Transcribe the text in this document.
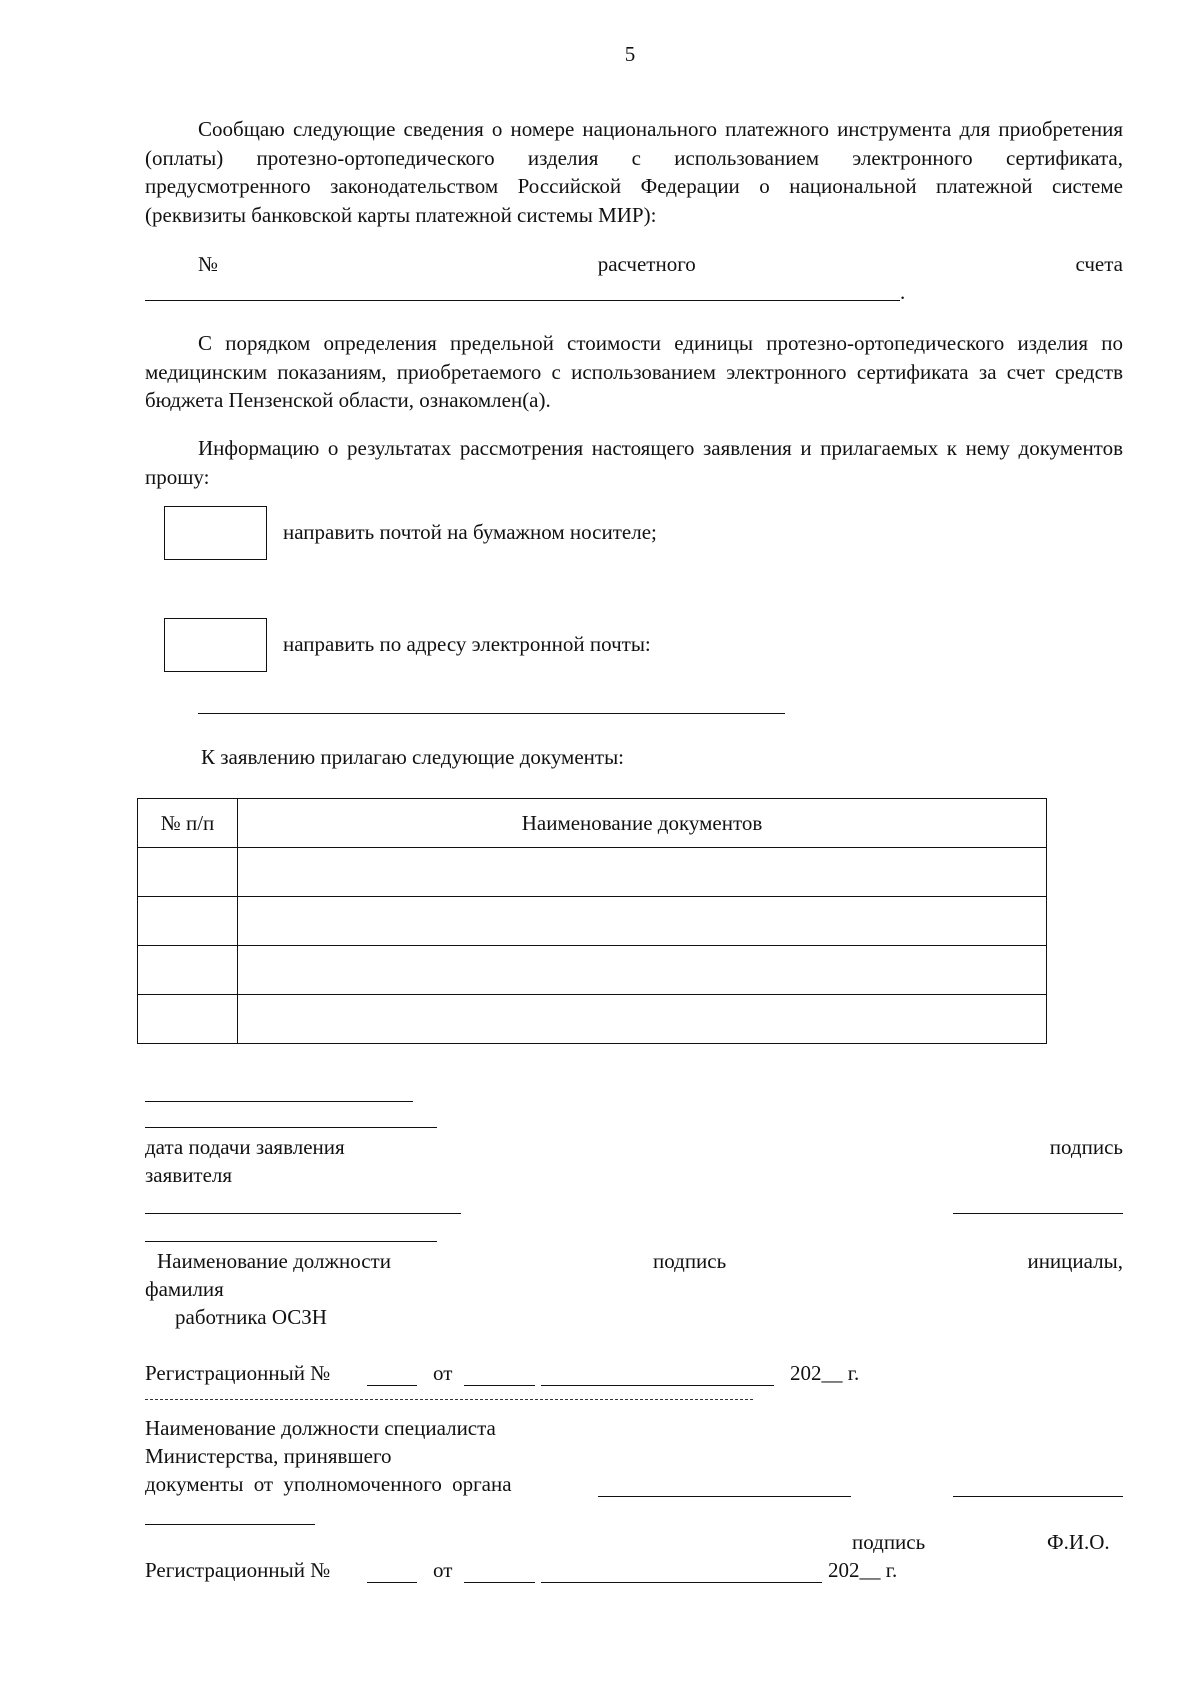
5
Сообщаю следующие сведения о номере национального платежного инструмента для приобретения (оплаты) протезно-ортопедического изделия с использованием электронного сертификата, предусмотренного законодательством Российской Федерации о национальной платежной системе (реквизиты банковской карты платежной системы МИР):
№	расчетного	счета
.
С порядком определения предельной стоимости единицы протезно-ортопедического изделия по медицинским показаниям, приобретаемого с использованием электронного сертификата за счет средств бюджета Пензенской области, ознакомлен(а).
Информацию о результатах рассмотрения настоящего заявления и прилагаемых к нему документов прошу:
направить почтой на бумажном носителе;
направить по адресу электронной почты:
К заявлению прилагаю следующие документы:
№ п/п	Наименование документов

дата подачи заявления	подпись
заявителя
Наименование должности	подпись	инициалы,
фамилия
работника ОСЗН
Регистрационный №	от	202__ г.
Наименование должности специалиста
Министерства, принявшего
документы от уполномоченного органа
подпись	Ф.И.О.
Регистрационный №	от	202__ г.
